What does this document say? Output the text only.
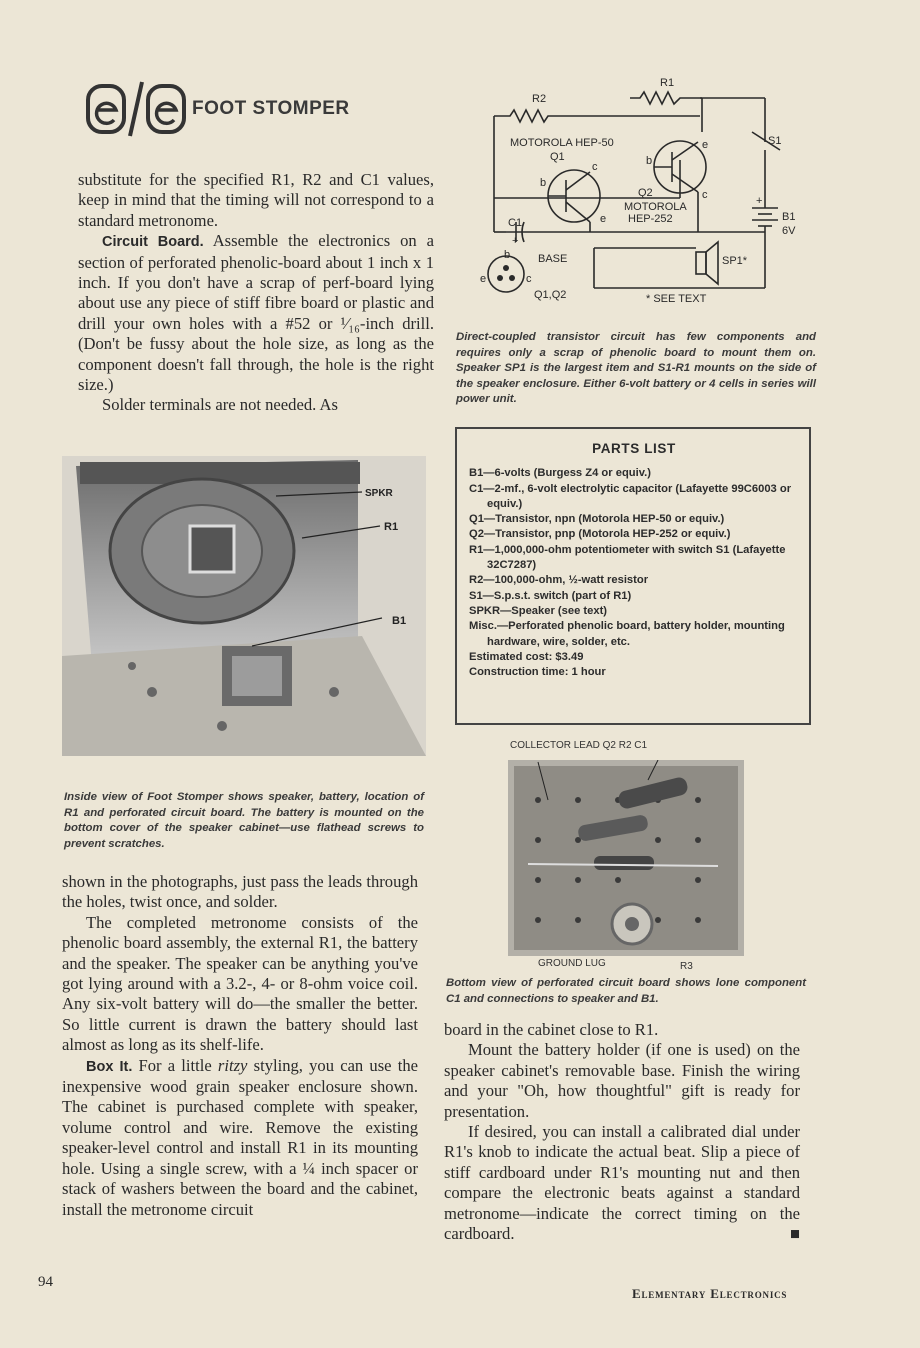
FOOT STOMPER

substitute for the specified R1, R2 and C1 values, keep in mind that the timing will not correspond to a standard metronome.

Circuit Board. Assemble the electronics on a section of perforated phenolic-board about 1 inch x 1 inch. If you don't have a scrap of perf-board lying about use any piece of stiff fibre board or plastic and drill your own holes with a #52 or ¹⁄₁₆-inch drill. (Don't be fussy about the hole size, as long as the component doesn't fall through, the hole is the right size.)

Solder terminals are not needed. As

SPKR
R1
B1
Inside view of Foot Stomper shows speaker, battery, location of R1 and perforated circuit board. The battery is mounted on the bottom cover of the speaker cabinet—use flathead screws to prevent scratches.

shown in the photographs, just pass the leads through the holes, twist once, and solder.

The completed metronome consists of the phenolic board assembly, the external R1, the battery and the speaker. The speaker can be anything you've got lying around with a 3.2-, 4- or 8-ohm voice coil. Any six-volt battery will do—the smaller the better. So little current is drawn the battery should last almost as long as its shelf-life.

Box It. For a little ritzy styling, you can use the inexpensive wood grain speaker enclosure shown. The cabinet is purchased complete with speaker, volume control and wire. Remove the existing speaker-level control and install R1 in its mounting hole. Using a single screw, with a ¼ inch spacer or stack of washers between the board and the cabinet, install the metronome circuit

R2
R1
S1
MOTOROLA HEP-50
Q1
Q2
MOTOROLA
HEP-252
C1
+
+
B1
6V
SP1*
BASE
Q1,Q2	* SEE TEXT
b
c
e
b
e
c
b
e	c
Direct-coupled transistor circuit has few components and requires only a scrap of phenolic board to mount them on. Speaker SP1 is the largest item and S1-R1 mounts on the side of the speaker enclosure. Either 6-volt battery or 4 cells in series will power unit.
PARTS LIST

B1—6-volts (Burgess Z4 or equiv.)

C1—2-mf., 6-volt electrolytic capacitor (Lafayette 99C6003 or equiv.)

Q1—Transistor, npn (Motorola HEP-50 or equiv.)

Q2—Transistor, pnp (Motorola HEP-252 or equiv.)

R1—1,000,000-ohm potentiometer with switch S1 (Lafayette 32C7287)

R2—100,000-ohm, ½-watt resistor

S1—S.p.s.t. switch (part of R1)

SPKR—Speaker (see text)

Misc.—Perforated phenolic board, battery holder, mounting hardware, wire, solder, etc.

Estimated cost: $3.49

Construction time: 1 hour

COLLECTOR LEAD Q2 R2 C1
GROUND LUG	R3
Bottom view of perforated circuit board shows lone component C1 and connections to speaker and B1.

board in the cabinet close to R1.

Mount the battery holder (if one is used) on the speaker cabinet's removable base. Finish the wiring and your "Oh, how thoughtful" gift is ready for presentation.

If desired, you can install a calibrated dial under R1's knob to indicate the actual beat. Slip a piece of stiff cardboard under R1's mounting nut and then compare the electronic beats against a standard metronome—indicate the correct timing on the cardboard.	■

94
Elementary Electronics
